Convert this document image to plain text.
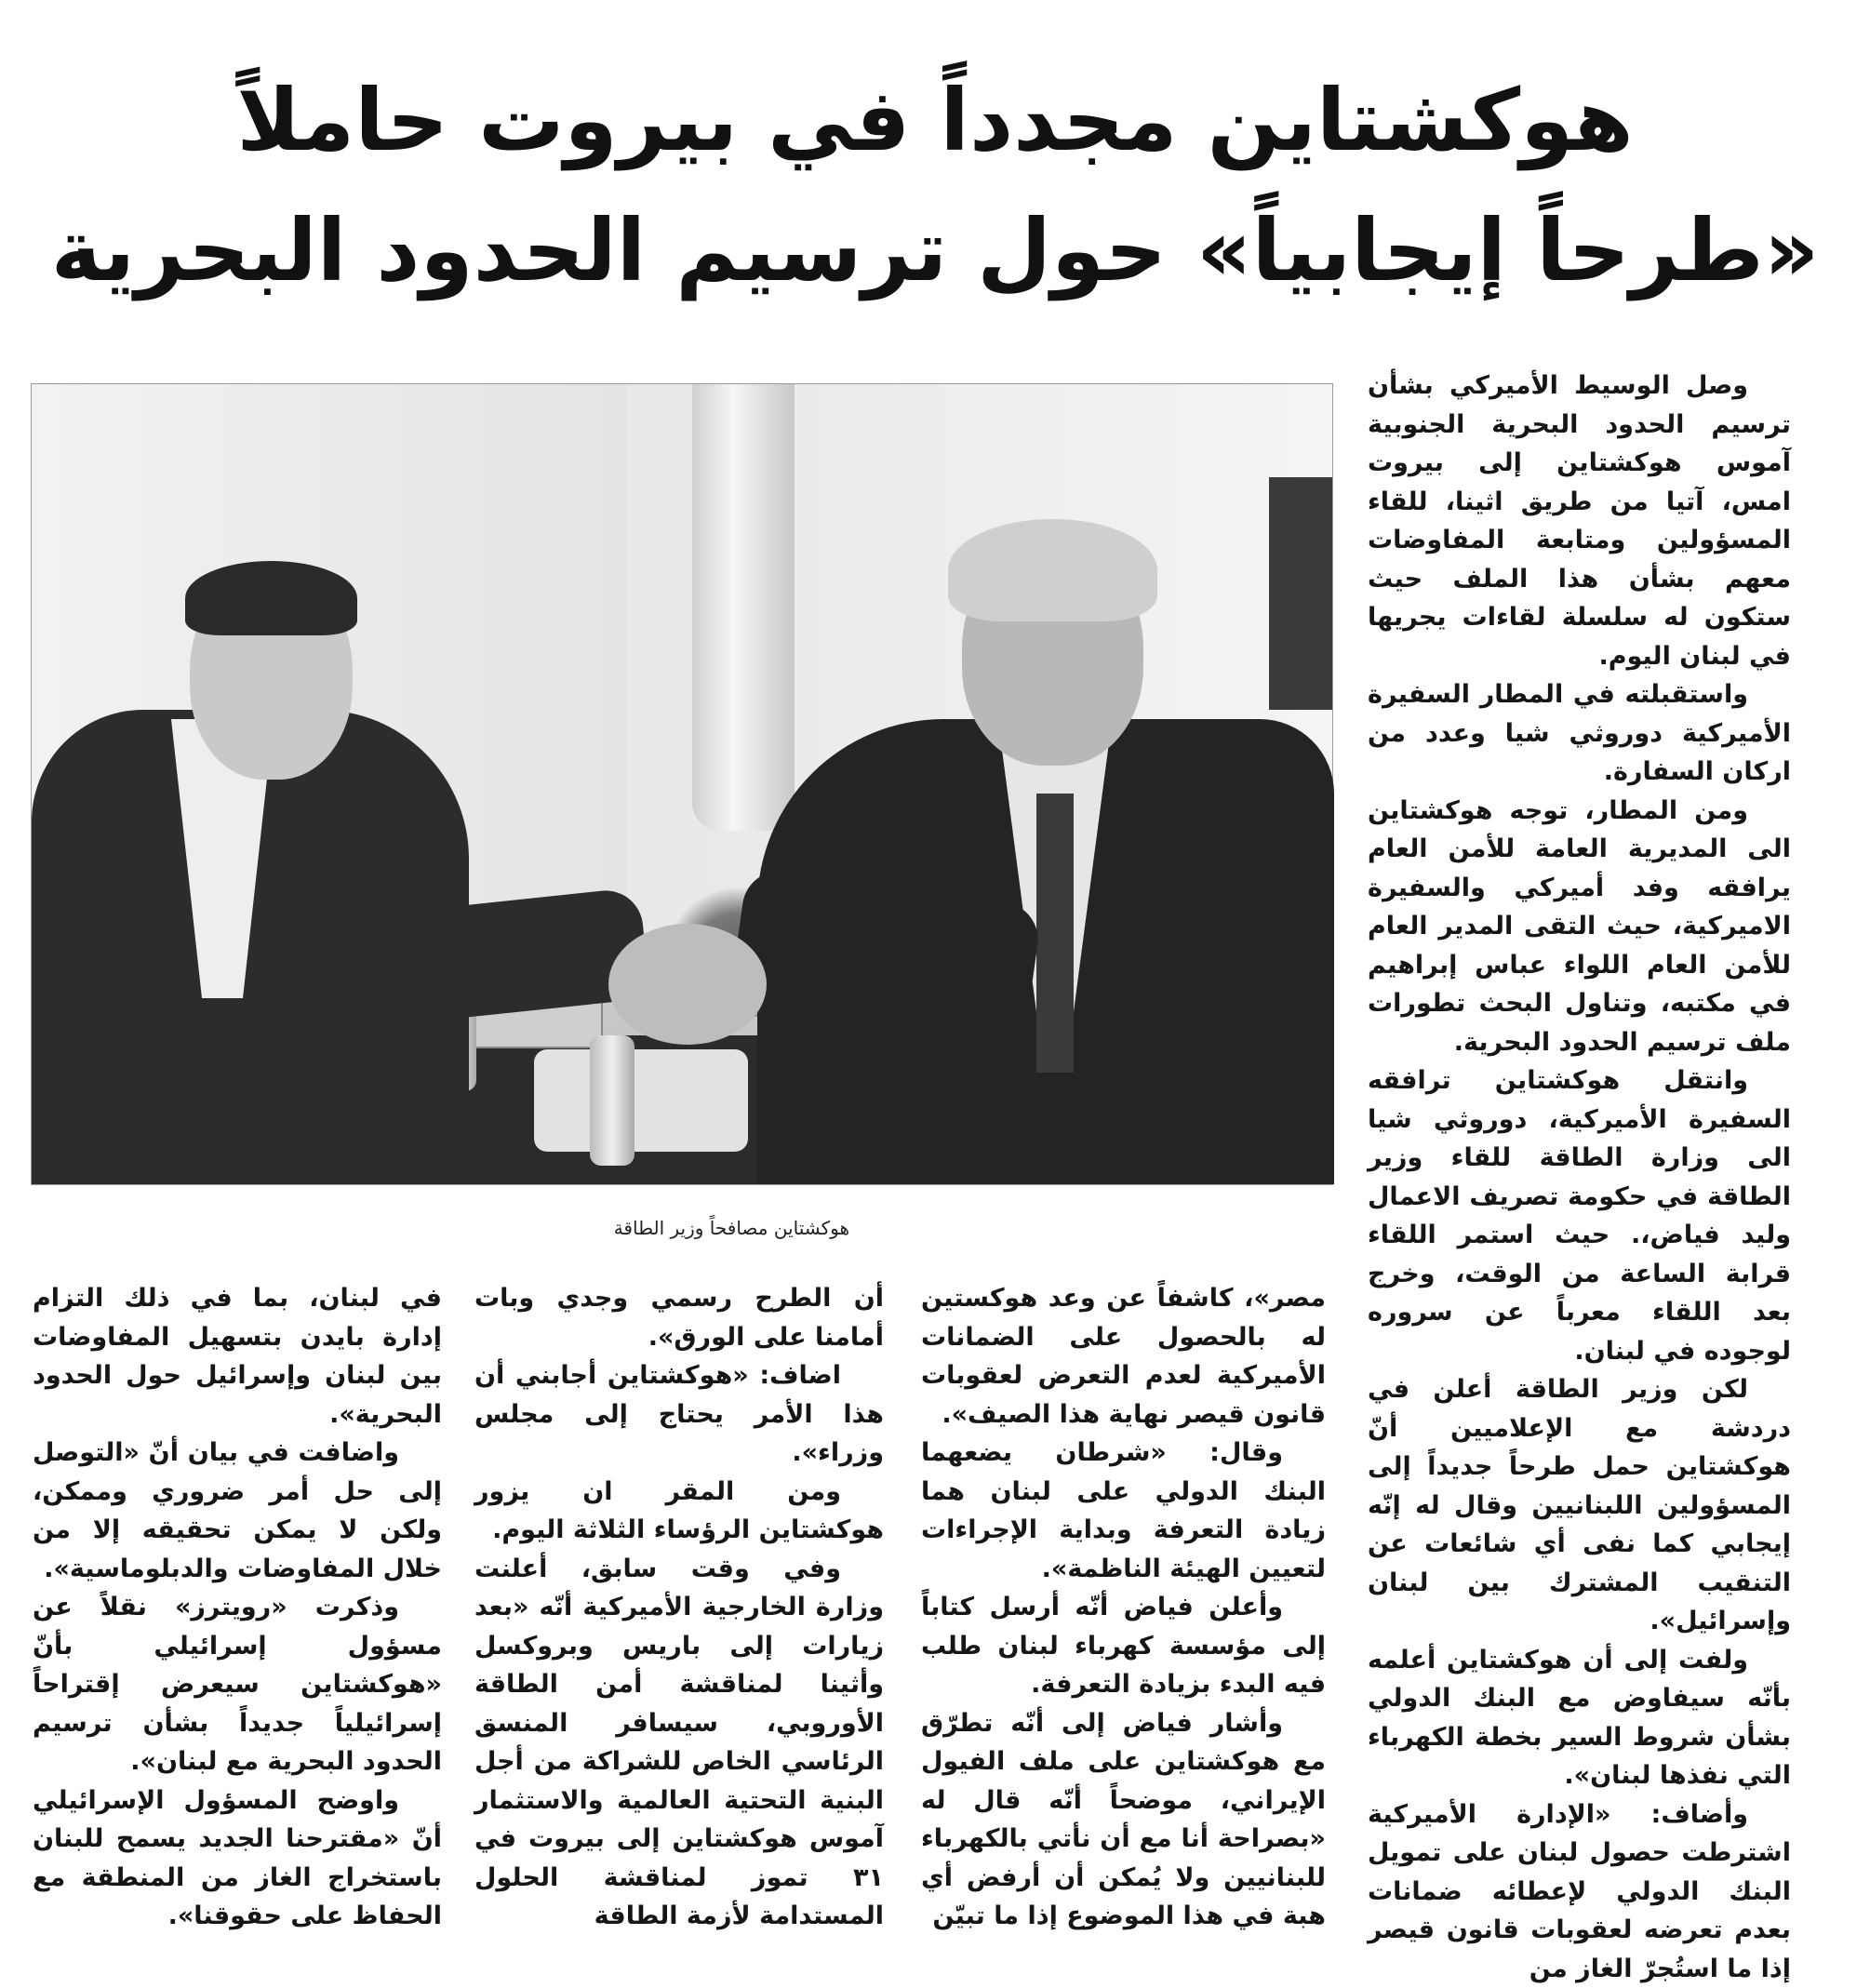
هوكشتاين مجدداً في بيروت حاملاً
«طرحاً إيجابياً» حول ترسيم الحدود البحرية
هوكشتاين مصافحاً وزير الطاقة

وصل الوسيط الأميركي بشأن ترسيم الحدود البحرية الجنوبية آموس هوكشتاين إلى بيروت امس، آتيا من طريق اثينا، للقاء المسؤولين ومتابعة المفاوضات معهم بشأن هذا الملف حيث ستكون له سلسلة لقاءات يجريها في لبنان اليوم.

واستقبلته في المطار السفيرة الأميركية دوروثي شيا وعدد من اركان السفارة.

ومن المطار، توجه هوكشتاين الى المديرية العامة للأمن العام يرافقه وفد أميركي والسفيرة الاميركية، حيث التقى المدير العام للأمن العام اللواء عباس إبراهيم في مكتبه، وتناول البحث تطورات ملف ترسيم الحدود البحرية.

وانتقل هوكشتاين ترافقه السفيرة الأميركية، دوروثي شيا الى وزارة الطاقة للقاء وزير الطاقة في حكومة تصريف الاعمال وليد فياض،. حيث استمر اللقاء قرابة الساعة من الوقت، وخرج بعد اللقاء معرباً عن سروره لوجوده في لبنان.

لكن وزير الطاقة أعلن في دردشة مع الإعلاميين أنّ هوكشتاين حمل طرحاً جديداً إلى المسؤولين اللبنانيين وقال له إنّه إيجابي كما نفى أي شائعات عن التنقيب المشترك بين لبنان وإسرائيل».

ولفت إلى أن هوكشتاين أعلمه بأنّه سيفاوض مع البنك الدولي بشأن شروط السير بخطة الكهرباء التي نفذها لبنان».

وأضاف: «الإدارة الأميركية اشترطت حصول لبنان على تمويل البنك الدولي لإعطائه ضمانات بعدم تعرضه لعقوبات قانون قيصر إذا ما استُجرّ الغاز من

مصر»، كاشفاً عن وعد هوكستين له بالحصول على الضمانات الأميركية لعدم التعرض لعقوبات قانون قيصر نهاية هذا الصيف».

وقال: «شرطان يضعهما البنك الدولي على لبنان هما زيادة التعرفة وبداية الإجراءات لتعيين الهيئة الناظمة».

وأعلن فياض أنّه أرسل كتاباً إلى مؤسسة كهرباء لبنان طلب فيه البدء بزيادة التعرفة.

وأشار فياض إلى أنّه تطرّق مع هوكشتاين على ملف الفيول الإيراني، موضحاً أنّه قال له «بصراحة أنا مع أن نأتي بالكهرباء للبنانيين ولا يُمكن أن أرفض أي هبة في هذا الموضوع إذا ما تبيّن

أن الطرح رسمي وجدي وبات أمامنا على الورق».

اضاف: «هوكشتاين أجابني أن هذا الأمر يحتاج إلى مجلس وزراء».

ومن المقر ان يزور هوكشتاين الرؤساء الثلاثة اليوم.

وفي وقت سابق، أعلنت وزارة الخارجية الأميركية أنّه «بعد زيارات إلى باريس وبروكسل وأثينا لمناقشة أمن الطاقة الأوروبي، سيسافر المنسق الرئاسي الخاص للشراكة من أجل البنية التحتية العالمية والاستثمار آموس هوكشتاين إلى بيروت في ٣١ تموز لمناقشة الحلول المستدامة لأزمة الطاقة

في لبنان، بما في ذلك التزام إدارة بايدن بتسهيل المفاوضات بين لبنان وإسرائيل حول الحدود البحرية».

واضافت في بيان أنّ «التوصل إلى حل أمر ضروري وممكن، ولكن لا يمكن تحقيقه إلا من خلال المفاوضات والدبلوماسية».

وذكرت «رويترز» نقلاً عن مسؤول إسرائيلي بأنّ «هوكشتاين سيعرض إقتراحاً إسرائيلياً جديداً بشأن ترسيم الحدود البحرية مع لبنان».

واوضح المسؤول الإسرائيلي أنّ «مقترحنا الجديد يسمح للبنان باستخراج الغاز من المنطقة مع الحفاظ على حقوقنا».
